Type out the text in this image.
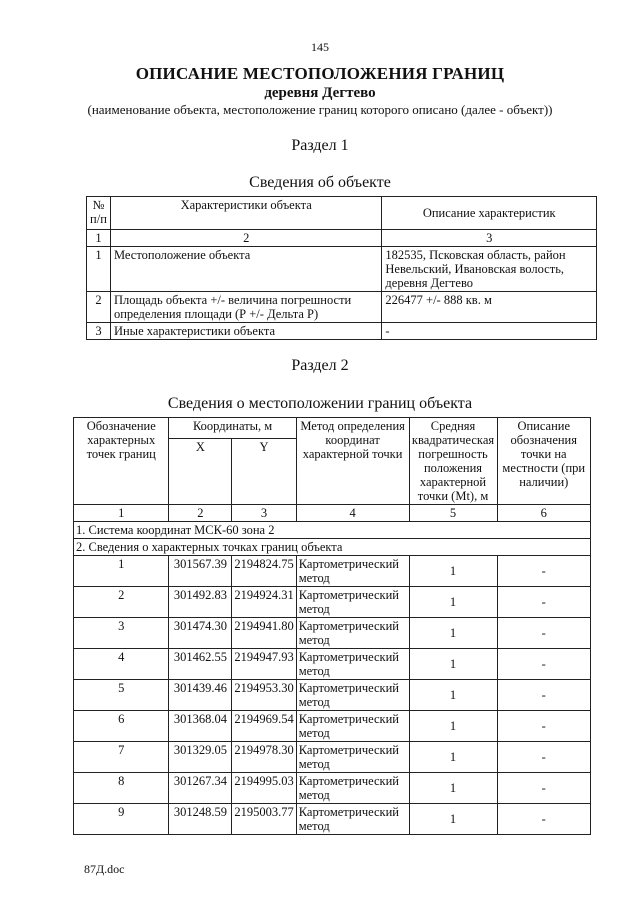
145
ОПИСАНИЕ МЕСТОПОЛОЖЕНИЯ ГРАНИЦ
деревня Дегтево
(наименование объекта, местоположение границ которого описано (далее - объект))
Раздел 1
Сведения об объекте
№ п/п	Характеристики объекта	Описание характеристик
1	2	3
1	Местоположение объекта	182535, Псковская область, район Невельский, Ивановская волость, деревня Дегтево
2	Площадь объекта +/- величина погрешности определения площади (Р +/- Дельта Р)	226477 +/- 888 кв. м
3	Иные характеристики объекта	-
Раздел 2
Сведения о местоположении границ объекта
Обозначение характерных точек границ	Координаты, м		Метод определения координат характерной точки	Средняя квадратическая погрешность положения характерной точки (Mt), м	Описание обозначения точки на местности (при наличии)
	X	Y			
1	2	3	4	5	6
1. Система координат МСК-60 зона 2					
2. Сведения о характерных точках границ объекта					
1	301567.39	2194824.75	Картометрический метод	1	-
2	301492.83	2194924.31	Картометрический метод	1	-
3	301474.30	2194941.80	Картометрический метод	1	-
4	301462.55	2194947.93	Картометрический метод	1	-
5	301439.46	2194953.30	Картометрический метод	1	-
6	301368.04	2194969.54	Картометрический метод	1	-
7	301329.05	2194978.30	Картометрический метод	1	-
8	301267.34	2194995.03	Картометрический метод	1	-
9	301248.59	2195003.77	Картометрический метод	1	-
87Д.doc
